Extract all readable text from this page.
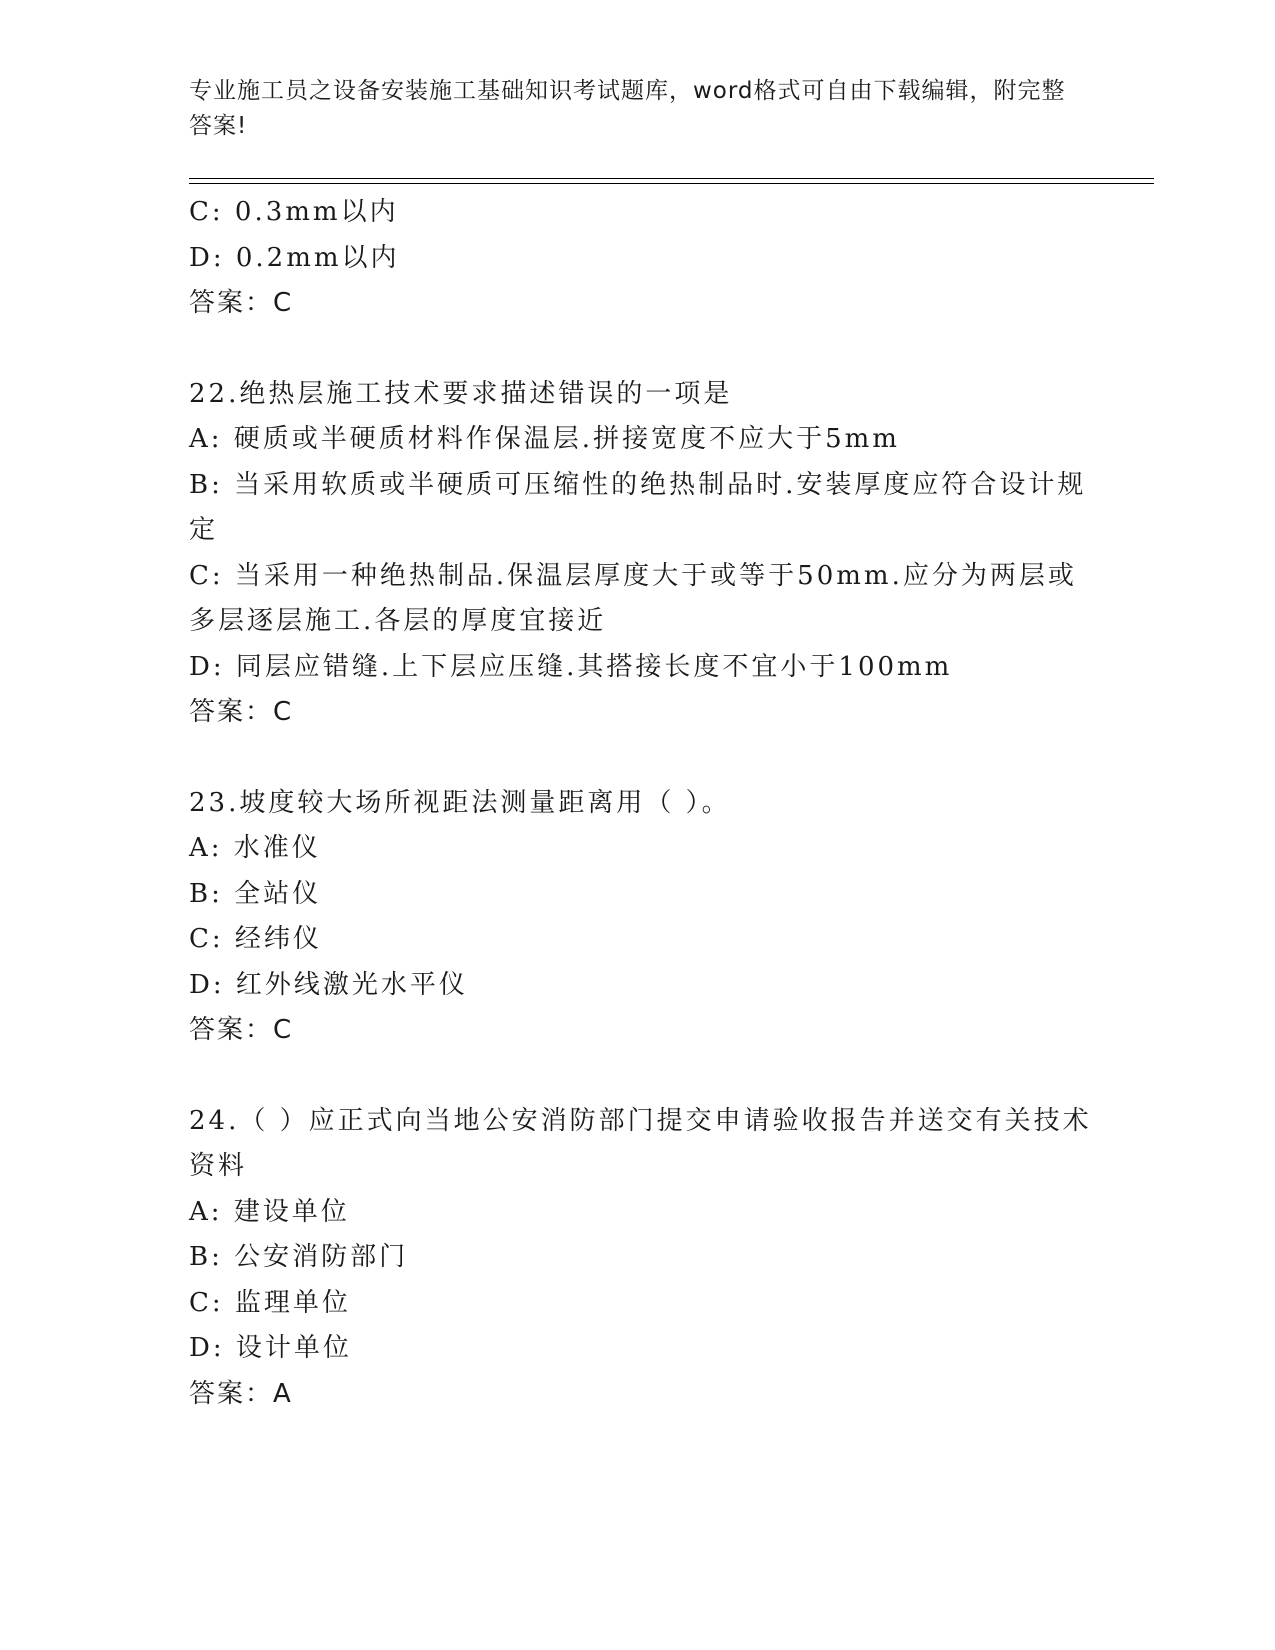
专业施工员之设备安装施工基础知识考试题库，word格式可自由下载编辑，附完整答案!
C: 0.3mm以内
D: 0.2mm以内
答案：C
22.绝热层施工技术要求描述错误的一项是
A: 硬质或半硬质材料作保温层.拼接宽度不应大于5mm
B: 当采用软质或半硬质可压缩性的绝热制品时.安装厚度应符合设计规定
C: 当采用一种绝热制品.保温层厚度大于或等于50mm.应分为两层或多层逐层施工.各层的厚度宜接近
D: 同层应错缝.上下层应压缝.其搭接长度不宜小于100mm
答案：C
23.坡度较大场所视距法测量距离用（ ）。
A: 水准仪
B: 全站仪
C: 经纬仪
D: 红外线激光水平仪
答案：C
24.（ ）应正式向当地公安消防部门提交申请验收报告并送交有关技术资料
A: 建设单位
B: 公安消防部门
C: 监理单位
D: 设计单位
答案：A
